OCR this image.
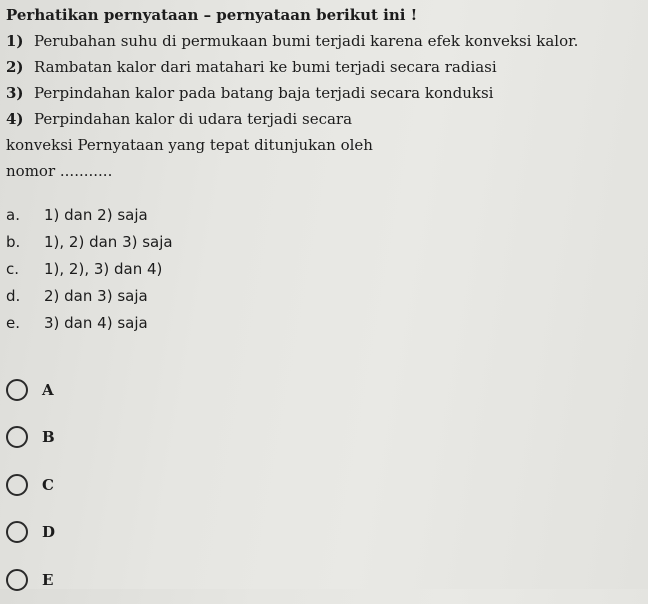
Perhatikan pernyataan – pernyataan berikut ini !
1) Perubahan suhu di permukaan bumi terjadi karena efek konveksi kalor.
2) Rambatan kalor dari matahari ke bumi terjadi secara radiasi
3) Perpindahan kalor pada batang baja terjadi secara konduksi
4) Perpindahan kalor di udara terjadi secara
konveksi Pernyataan yang tepat ditunjukan oleh
nomor ...........
a. 1) dan 2) saja
b. 1), 2) dan 3) saja
c. 1), 2), 3) dan 4)
d. 2) dan 3) saja
e. 3) dan 4) saja
A
B
C
D
E
